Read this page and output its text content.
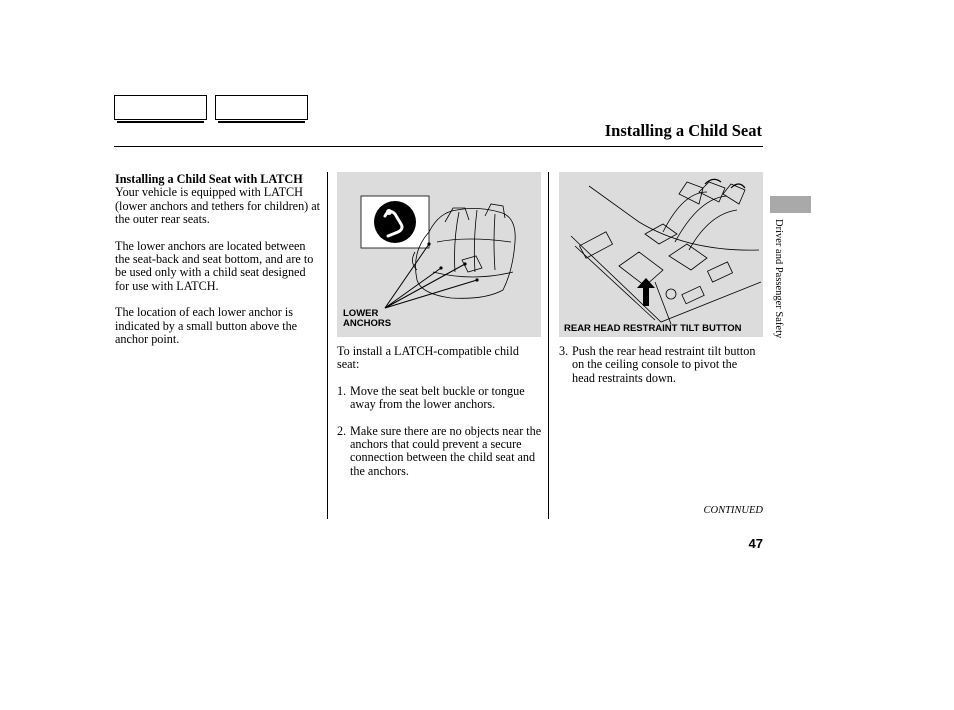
Installing a Child Seat

Installing a Child Seat with LATCH

Your vehicle is equipped with LATCH (lower anchors and tethers for children) at the outer rear seats.

The lower anchors are located between the seat-back and seat bottom, and are to be used only with a child seat designed for use with LATCH.

The location of each lower anchor is indicated by a small button above the anchor point.

LOWER
ANCHORS

To install a LATCH-compatible child seat:

1. Move the seat belt buckle or tongue away from the lower anchors.
2. Make sure there are no objects near the anchors that could prevent a secure connection between the child seat and the anchors.
REAR HEAD RESTRAINT TILT BUTTON
3. Push the rear head restraint tilt button on the ceiling console to pivot the head restraints down.
Driver and Passenger Safety
CONTINUED
47
